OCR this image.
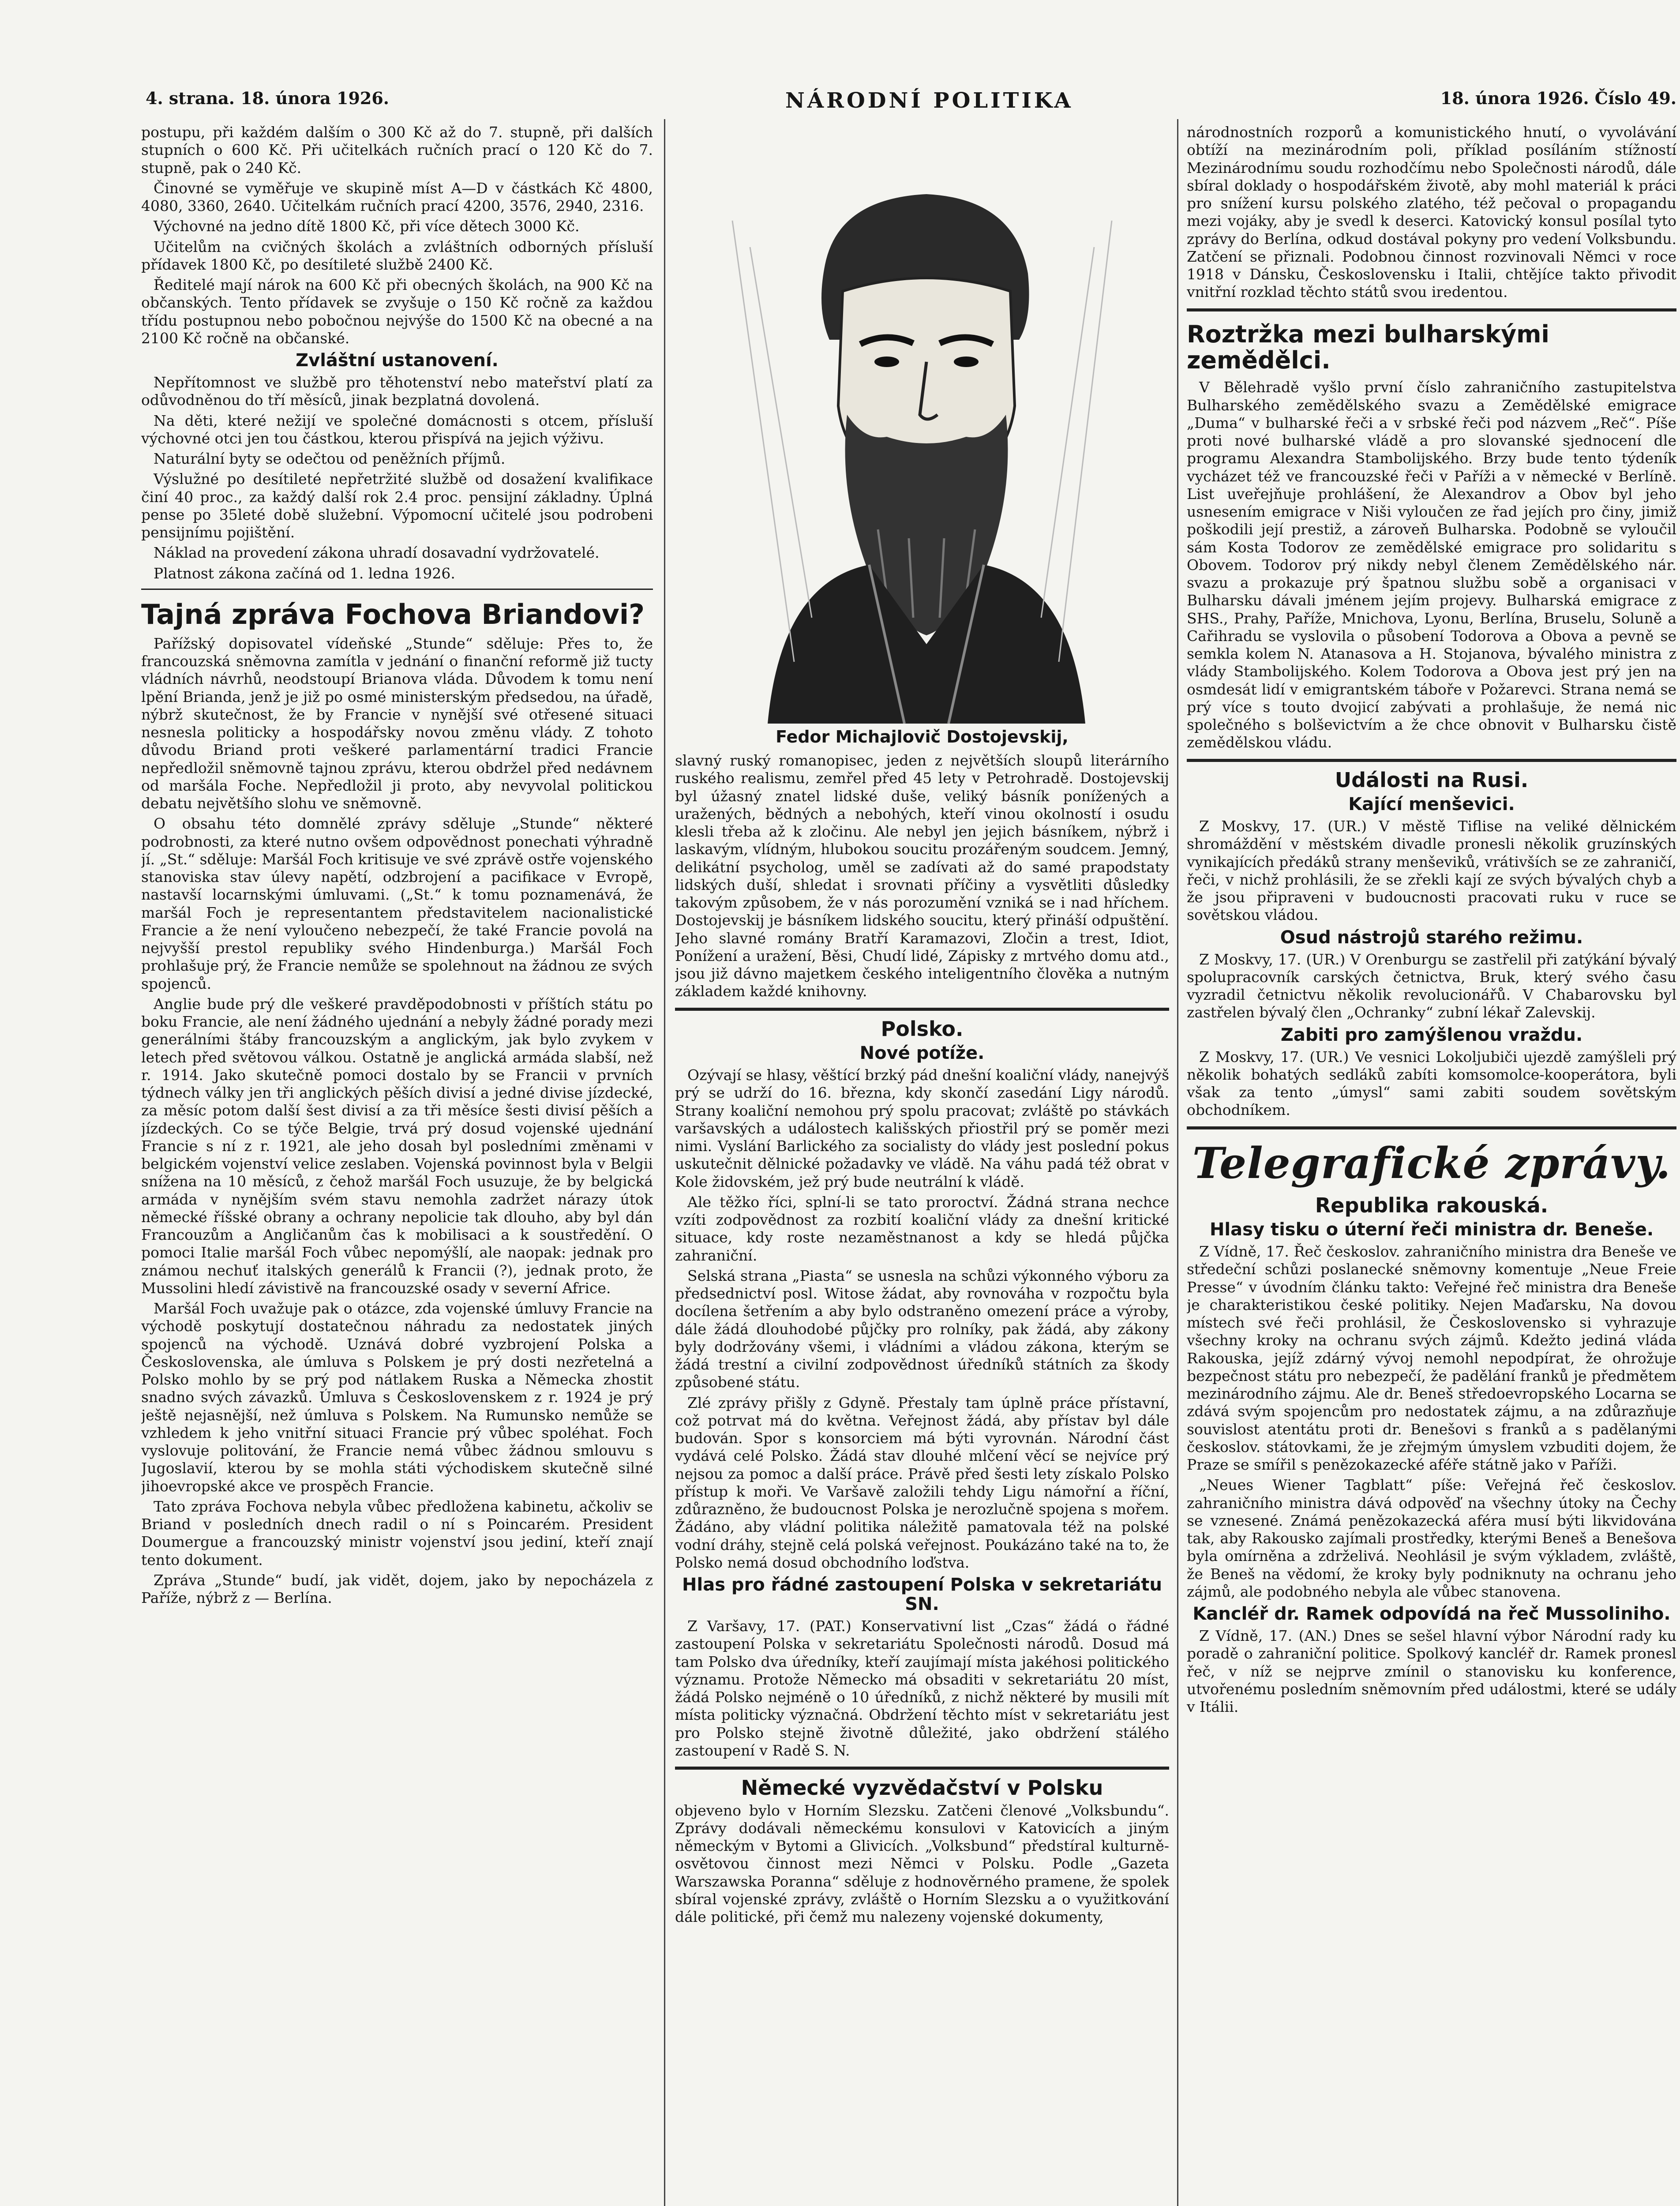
4. strana. 18. února 1926.	NÁRODNÍ POLITIKA	18. února 1926. Číslo 49.

postupu, při každém dalším o 300 Kč až do 7. stupně, při dalších stupních o 600 Kč. Při učitelkách ručních prací o 120 Kč do 7. stupně, pak o 240 Kč.

Činovné se vyměřuje ve skupině míst A—D v částkách Kč 4800, 4080, 3360, 2640. Učitelkám ručních prací 4200, 3576, 2940, 2316.

Výchovné na jedno dítě 1800 Kč, při více dětech 3000 Kč.

Učitelům na cvičných školách a zvláštních odborných přísluší přídavek 1800 Kč, po desítileté službě 2400 Kč.

Ředitelé mají nárok na 600 Kč při obecných školách, na 900 Kč na občanských. Tento přídavek se zvyšuje o 150 Kč ročně za každou třídu postupnou nebo pobočnou nejvýše do 1500 Kč na obecné a na 2100 Kč ročně na občanské.

Zvláštní ustanovení.

Nepřítomnost ve službě pro těhotenství nebo mateřství platí za odůvodněnou do tří měsíců, jinak bezplatná dovolená.

Na děti, které nežijí ve společné domácnosti s otcem, přísluší výchovné otci jen tou částkou, kterou přispívá na jejich výživu.

Naturální byty se odečtou od peněžních příjmů.

Výslužné po desítileté nepřetržité službě od dosažení kvalifikace činí 40 proc., za každý další rok 2.4 proc. pensijní základny. Úplná pense po 35leté době služební. Výpomocní učitelé jsou podrobeni pensijnímu pojištění.

Náklad na provedení zákona uhradí dosavadní vydržovatelé.

Platnost zákona začíná od 1. ledna 1926.

Tajná zpráva Fochova Briandovi?

Pařížský dopisovatel vídeňské „Stunde“ sděluje: Přes to, že francouzská sněmovna zamítla v jednání o finanční reformě již tucty vládních návrhů, neodstoupí Brianova vláda. Důvodem k tomu není lpění Brianda, jenž je již po osmé ministerským předsedou, na úřadě, nýbrž skutečnost, že by Francie v nynější své otřesené situaci nesnesla politicky a hospodářsky novou změnu vlády. Z tohoto důvodu Briand proti veškeré parlamentární tradici Francie nepředložil sněmovně tajnou zprávu, kterou obdržel před nedávnem od maršála Foche. Nepředložil ji proto, aby nevyvolal politickou debatu největšího slohu ve sněmovně.

O obsahu této domnělé zprávy sděluje „Stunde“ některé podrobnosti, za které nutno ovšem odpovědnost ponechati výhradně jí. „St.“ sděluje: Maršál Foch kritisuje ve své zprávě ostře vojenského stanoviska stav úlevy napětí, odzbrojení a pacifikace v Evropě, nastavší locarnskými úmluvami. („St.“ k tomu poznamenává, že maršál Foch je representantem představitelem nacionalistické Francie a že není vyloučeno nebezpečí, že také Francie povolá na nejvyšší prestol republiky svého Hindenburga.) Maršál Foch prohlašuje prý, že Francie nemůže se spolehnout na žádnou ze svých spojenců.

Anglie bude prý dle veškeré pravděpodobnosti v příštích státu po boku Francie, ale není žádného ujednání a nebyly žádné porady mezi generálními štáby francouzským a anglickým, jak bylo zvykem v letech před světovou válkou. Ostatně je anglická armáda slabší, než r. 1914. Jako skutečně pomoci dostalo by se Francii v prvních týdnech války jen tři anglických pěších divisí a jedné divise jízdecké, za měsíc potom další šest divisí a za tři měsíce šesti divisí pěších a jízdeckých. Co se týče Belgie, trvá prý dosud vojenské ujednání Francie s ní z r. 1921, ale jeho dosah byl posledními změnami v belgickém vojenství velice zeslaben. Vojenská povinnost byla v Belgii snížena na 10 měsíců, z čehož maršál Foch usuzuje, že by belgická armáda v nynějším svém stavu nemohla zadržet nárazy útok německé říšské obrany a ochrany nepolicie tak dlouho, aby byl dán Francouzům a Angličanům čas k mobilisaci a k soustředění. O pomoci Italie maršál Foch vůbec nepomýšlí, ale naopak: jednak pro známou nechuť italských generálů k Francii (?), jednak proto, že Mussolini hledí závistivě na francouzské osady v severní Africe.

Maršál Foch uvažuje pak o otázce, zda vojenské úmluvy Francie na východě poskytují dostatečnou náhradu za nedostatek jiných spojenců na východě. Uznává dobré vyzbrojení Polska a Československa, ale úmluva s Polskem je prý dosti nezřetelná a Polsko mohlo by se prý pod nátlakem Ruska a Německa zhostit snadno svých závazků. Úmluva s Československem z r. 1924 je prý ještě nejasnější, než úmluva s Polskem. Na Rumunsko nemůže se vzhledem k jeho vnitřní situaci Francie prý vůbec spoléhat. Foch vyslovuje politování, že Francie nemá vůbec žádnou smlouvu s Jugoslavií, kterou by se mohla státi východiskem skutečně silné jihoevropské akce ve prospěch Francie.

Tato zpráva Fochova nebyla vůbec předložena kabinetu, ačkoliv se Briand v posledních dnech radil o ní s Poincarém. President Doumergue a francouzský ministr vojenství jsou jediní, kteří znají tento dokument.

Zpráva „Stunde“ budí, jak vidět, dojem, jako by nepocházela z Paříže, nýbrž z — Berlína.

Fedor Michajlovič Dostojevskij,

slavný ruský romanopisec, jeden z největších sloupů literárního ruského realismu, zemřel před 45 lety v Petrohradě. Dostojevskij byl úžasný znatel lidské duše, veliký básník ponížených a uražených, bědných a nebohých, kteří vinou okolností i osudu klesli třeba až k zločinu. Ale nebyl jen jejich básníkem, nýbrž i laskavým, vlídným, hlubokou soucitu prozářeným soudcem. Jemný, delikátní psycholog, uměl se zadívati až do samé prapodstaty lidských duší, shledat i srovnati příčiny a vysvětliti důsledky takovým způsobem, že v nás porozumění vzniká se i nad hříchem. Dostojevskij je básníkem lidského soucitu, který přináší odpuštění. Jeho slavné romány Bratří Karamazovi, Zločin a trest, Idiot, Ponížení a uražení, Běsi, Chudí lidé, Zápisky z mrtvého domu atd., jsou již dávno majetkem českého inteligentního člověka a nutným základem každé knihovny.

Polsko.
Nové potíže.

Ozývají se hlasy, věštící brzký pád dnešní koaliční vlády, nanejvýš prý se udrží do 16. března, kdy skončí zasedání Ligy národů. Strany koaliční nemohou prý spolu pracovat; zvláště po stávkách varšavských a událostech kališských přiostřil prý se poměr mezi nimi. Vyslání Barlického za socialisty do vlády jest poslední pokus uskutečnit dělnické požadavky ve vládě. Na váhu padá též obrat v Kole židovském, jež prý bude neutrální k vládě.

Ale těžko říci, splní-li se tato proroctví. Žádná strana nechce vzíti zodpovědnost za rozbití koaliční vlády za dnešní kritické situace, kdy roste nezaměstnanost a kdy se hledá půjčka zahraniční.

Selská strana „Piasta“ se usnesla na schůzi výkonného výboru za předsednictví posl. Witose žádat, aby rovnováha v rozpočtu byla docílena šetřením a aby bylo odstraněno omezení práce a výroby, dále žádá dlouhodobé půjčky pro rolníky, pak žádá, aby zákony byly dodržovány všemi, i vládními a vládou zákona, kterým se žádá trestní a civilní zodpovědnost úředníků státních za škody způsobené státu.

Zlé zprávy přišly z Gdyně. Přestaly tam úplně práce přístavní, což potrvat má do května. Veřejnost žádá, aby přístav byl dále budován. Spor s konsorciem má býti vyrovnán. Národní část vydává celé Polsko. Žádá stav dlouhé mlčení věcí se nejvíce prý nejsou za pomoc a další práce. Právě před šesti lety získalo Polsko přístup k moři. Ve Varšavě založili tehdy Ligu námořní a říční, zdůrazněno, že budoucnost Polska je nerozlučně spojena s mořem. Žádáno, aby vládní politika náležitě pamatovala též na polské vodní dráhy, stejně celá polská veřejnost. Poukázáno také na to, že Polsko nemá dosud obchodního loďstva.

Hlas pro řádné zastoupení Polska v sekretariátu SN.

Z Varšavy, 17. (PAT.) Konservativní list „Czas“ žádá o řádné zastoupení Polska v sekretariátu Společnosti národů. Dosud má tam Polsko dva úředníky, kteří zaujímají místa jakéhosi politického významu. Protože Německo má obsaditi v sekretariátu 20 míst, žádá Polsko nejméně o 10 úředníků, z nichž některé by musili mít místa politicky význačná. Obdržení těchto míst v sekretariátu jest pro Polsko stejně životně důležité, jako obdržení stálého zastoupení v Radě S. N.

Německé vyzvědačství v Polsku

objeveno bylo v Horním Slezsku. Zatčeni členové „Volksbundu“. Zprávy dodávali německému konsulovi v Katovicích a jiným německým v Bytomi a Glivicích. „Volksbund“ předstíral kulturně-osvětovou činnost mezi Němci v Polsku. Podle „Gazeta Warszawska Poranna“ sděluje z hodnověrného pramene, že spolek sbíral vojenské zprávy, zvláště o Horním Slezsku a o využitkování dále politické, při čemž mu nalezeny vojenské dokumenty,

národnostních rozporů a komunistického hnutí, o vyvolávání obtíží na mezinárodním poli, příklad posíláním stížností Mezinárodnímu soudu rozhodčímu nebo Společnosti národů, dále sbíral doklady o hospodářském životě, aby mohl materiál k práci pro snížení kursu polského zlatého, též pečoval o propagandu mezi vojáky, aby je svedl k deserci. Katovický konsul posílal tyto zprávy do Berlína, odkud dostával pokyny pro vedení Volksbundu. Zatčení se přiznali. Podobnou činnost rozvinovali Němci v roce 1918 v Dánsku, Československu i Italii, chtějíce takto přivodit vnitřní rozklad těchto států svou iredentou.

Roztržka mezi bulharskými zemědělci.

V Bělehradě vyšlo první číslo zahraničního zastupitelstva Bulharského zemědělského svazu a Zemědělské emigrace „Duma“ v bulharské řeči a v srbské řeči pod názvem „Reč“. Píše proti nové bulharské vládě a pro slovanské sjednocení dle programu Alexandra Stambolijského. Brzy bude tento týdeník vycházet též ve francouzské řeči v Paříži a v německé v Berlíně. List uveřejňuje prohlášení, že Alexandrov a Obov byl jeho usnesením emigrace v Niši vyloučen ze řad jejích pro činy, jimiž poškodili její prestiž, a zároveň Bulharska. Podobně se vyloučil sám Kosta Todorov ze zemědělské emigrace pro solidaritu s Obovem. Todorov prý nikdy nebyl členem Zemědělského nár. svazu a prokazuje prý špatnou službu sobě a organisaci v Bulharsku dávali jménem jejím projevy. Bulharská emigrace z SHS., Prahy, Paříže, Mnichova, Lyonu, Berlína, Bruselu, Soluně a Cařihradu se vyslovila o působení Todorova a Obova a pevně se semkla kolem N. Atanasova a H. Stojanova, bývalého ministra z vlády Stambolijského. Kolem Todorova a Obova jest prý jen na osmdesát lidí v emigrantském táboře v Požarevci. Strana nemá se prý více s touto dvojicí zabývati a prohlašuje, že nemá nic společného s bolševictvím a že chce obnovit v Bulharsku čistě zemědělskou vládu.

Události na Rusi.
Kající menševici.

Z Moskvy, 17. (UR.) V městě Tiflise na veliké dělnickém shromáždění v městském divadle pronesli několik gruzínských vynikajících předáků strany menševiků, vrátivších se ze zahraničí, řeči, v nichž prohlásili, že se zřekli kají ze svých bývalých chyb a že jsou připraveni v budoucnosti pracovati ruku v ruce se sovětskou vládou.

Osud nástrojů starého režimu.

Z Moskvy, 17. (UR.) V Orenburgu se zastřelil při zatýkání bývalý spolupracovník carských četnictva, Bruk, který svého času vyzradil četnictvu několik revolucionářů. V Chabarovsku byl zastřelen bývalý člen „Ochranky“ zubní lékař Zalevskij.

Zabiti pro zamýšlenou vraždu.

Z Moskvy, 17. (UR.) Ve vesnici Lokoljubiči ujezdě zamýšleli prý několik bohatých sedláků zabíti komsomolce-kooperátora, byli však za tento „úmysl“ sami zabiti soudem sovětským obchodníkem.

Telegrafické zprávy.
Republika rakouská.
Hlasy tisku o úterní řeči ministra dr. Beneše.

Z Vídně, 17. Řeč českoslov. zahraničního ministra dra Beneše ve středeční schůzi poslanecké sněmovny komentuje „Neue Freie Presse“ v úvodním článku takto: Veřejné řeč ministra dra Beneše je charakteristikou české politiky. Nejen Maďarsku, Na dovou místech své řeči prohlásil, že Československo si vyhrazuje všechny kroky na ochranu svých zájmů. Kdežto jediná vláda Rakouska, jejíž zdárný vývoj nemohl nepodpírat, že ohrožuje bezpečnost státu pro nebezpečí, že padělání franků je předmětem mezinárodního zájmu. Ale dr. Beneš středoevropského Locarna se zdává svým spojencům pro nedostatek zájmu, a na zdůrazňuje souvislost atentátu proti dr. Benešovi s franků a s padělanými českoslov. státovkami, že je zřejmým úmyslem vzbuditi dojem, že Praze se smířil s penězokazecké aféře státně jako v Paříži.

„Neues Wiener Tagblatt“ píše: Veřejná řeč českoslov. zahraničního ministra dává odpověď na všechny útoky na Čechy se vznesené. Známá penězokazecká aféra musí býti likvidována tak, aby Rakousko zajímali prostředky, kterými Beneš a Benešova byla omírněna a zdrželivá. Neohlásil je svým výkladem, zvláště, že Beneš na vědomí, že kroky byly podniknuty na ochranu jeho zájmů, ale podobného nebyla ale vůbec stanovena.

Kancléř dr. Ramek odpovídá na řeč Mussoliniho.

Z Vídně, 17. (AN.) Dnes se sešel hlavní výbor Národní rady ku poradě o zahraniční politice. Spolkový kancléř dr. Ramek pronesl řeč, v níž se nejprve zmínil o stanovisku ku konference, utvořenému posledním sněmovním před událostmi, které se udály v Itálii.
